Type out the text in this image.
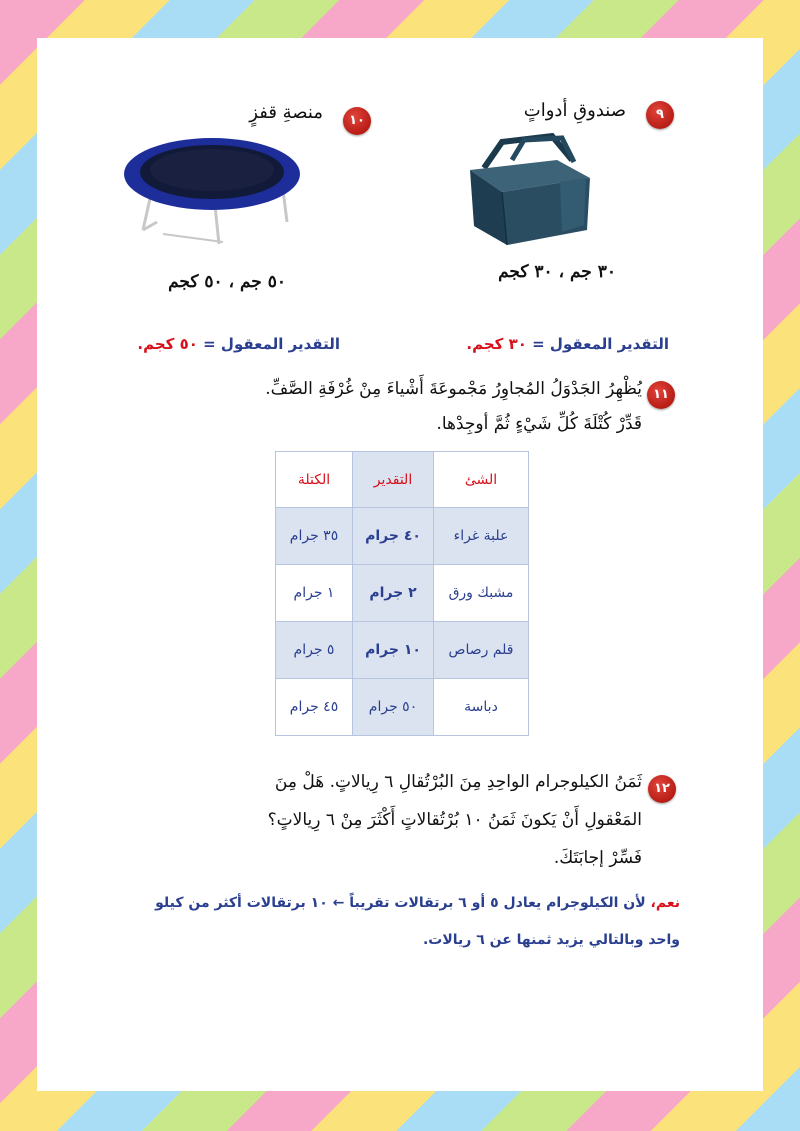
٩
صندوقِ أدواتٍ
٣٠ جم ، ٣٠ كجم
التقدير المعقول = ٣٠ كجم.
١٠
منصةِ قفزٍ
٥٠ جم ، ٥٠ كجم
التقدير المعقول = ٥٠ كجم.
١١
يُظْهِرُ الجَدْوَلُ المُجاوِرُ مَجْموعَةَ أَشْياءَ مِنْ غُرْفَةِ الصَّفِّ.
قَدِّرْ كُتْلَةَ كُلِّ شَيْءٍ ثُمَّ أوجِدْها.
الشئ	التقدير	الكتلة
علبة غراء	٤٠ جرام	٣٥ جرام
مشبك ورق	٢ جرام	١ جرام
قلم رصاص	١٠ جرام	٥ جرام
دباسة	٥٠ جرام	٤٥ جرام
١٢
ثَمَنُ الكيلوجرام الواحِدِ مِنَ البُرْتُقالِ ٦ رِيالاتٍ. هَلْ مِنَ
المَعْقولِ أَنْ يَكونَ ثَمَنُ ١٠ بُرْتُقالاتٍ أَكْثَرَ مِنْ ٦ رِيالاتٍ؟
فَسِّرْ إجابَتَكَ.
نعم، لأن الكيلوجرام يعادل ٥ أو ٦ برتقالات تقريباً ← ١٠ برتقالات أكثر من كيلو
واحد وبالتالي يزيد ثمنها عن ٦ ريالات.
